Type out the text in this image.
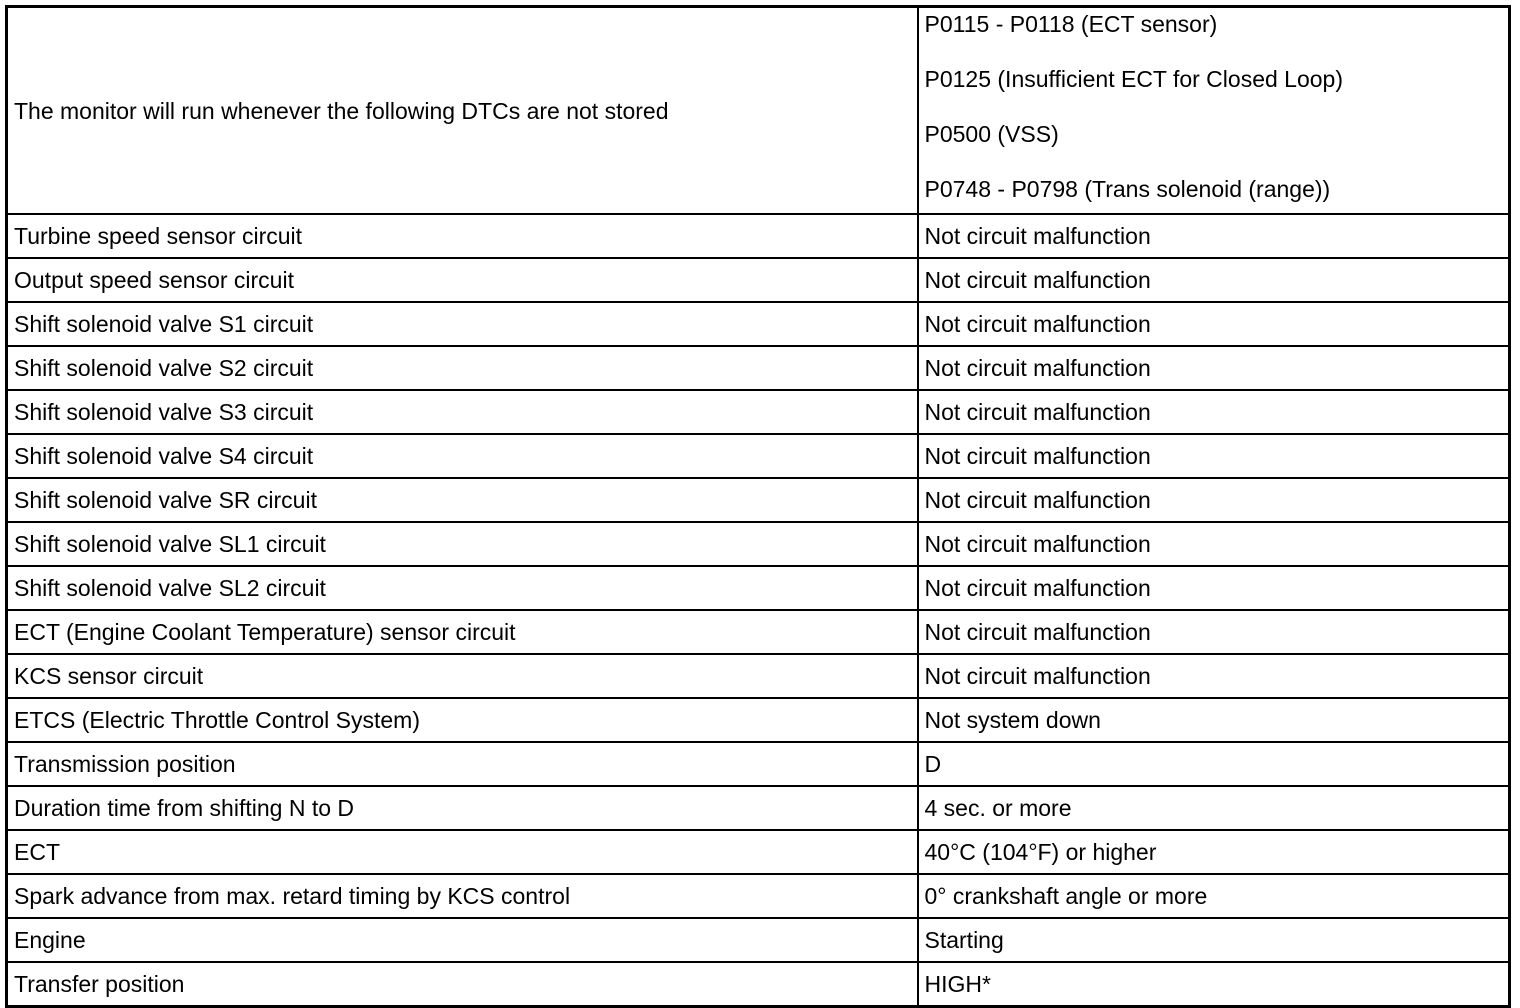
The monitor will run whenever the following DTCs are not stored	P0115 - P0118 (ECT sensor)
P0125 (Insufficient ECT for Closed Loop)
P0500 (VSS)
P0748 - P0798 (Trans solenoid (range))

Turbine speed sensor circuit	Not circuit malfunction
Output speed sensor circuit	Not circuit malfunction
Shift solenoid valve S1 circuit	Not circuit malfunction
Shift solenoid valve S2 circuit	Not circuit malfunction
Shift solenoid valve S3 circuit	Not circuit malfunction
Shift solenoid valve S4 circuit	Not circuit malfunction
Shift solenoid valve SR circuit	Not circuit malfunction
Shift solenoid valve SL1 circuit	Not circuit malfunction
Shift solenoid valve SL2 circuit	Not circuit malfunction
ECT (Engine Coolant Temperature) sensor circuit	Not circuit malfunction
KCS sensor circuit	Not circuit malfunction
ETCS (Electric Throttle Control System)	Not system down
Transmission position	D
Duration time from shifting N to D	4 sec. or more
ECT	40°C (104°F) or higher
Spark advance from max. retard timing by KCS control	0° crankshaft angle or more
Engine	Starting
Transfer position	HIGH*
